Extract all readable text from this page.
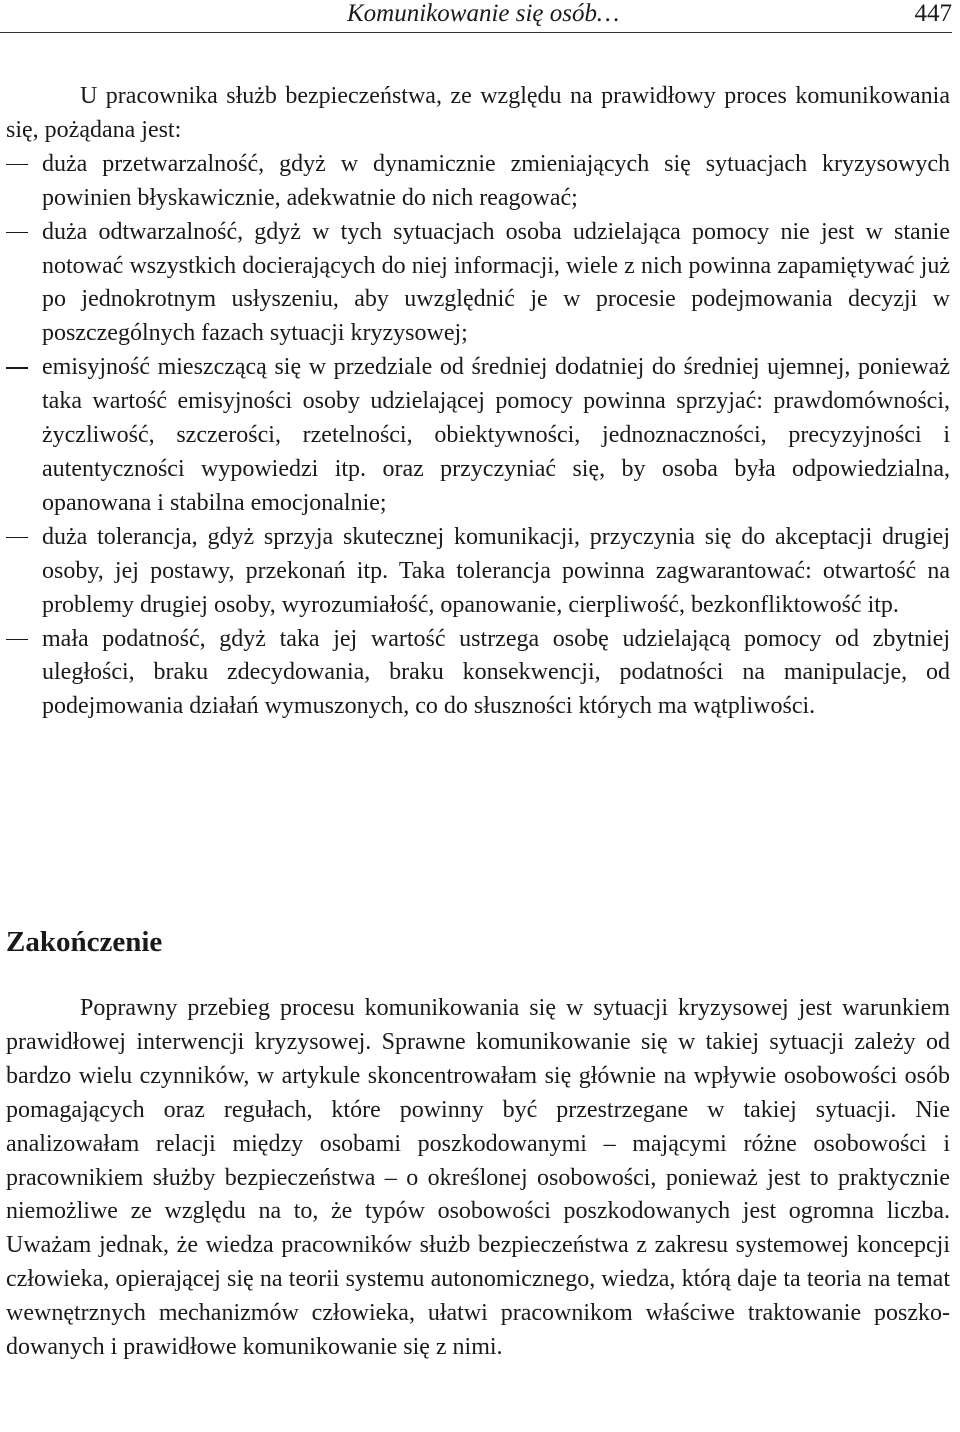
Komunikowanie się osób…	447

U pracownika służb bezpieczeństwa, ze względu na prawidłowy proces komunikowania się, pożądana jest:

duża przetwarzalność, gdyż w dynamicznie zmieniających się sytuacjach kryzysowych powinien błyskawicznie, adekwatnie do nich reagować;
duża odtwarzalność, gdyż w tych sytuacjach osoba udzielająca pomocy nie jest w stanie notować wszystkich docierających do niej informacji, wiele z nich powinna zapamiętywać już po jednokrotnym usłyszeniu, aby uwzględnić je w procesie podejmowania decyzji w poszczególnych fazach sytuacji kryzysowej;
emisyjność mieszczącą się w przedziale od średniej dodatniej do średniej ujemnej, ponieważ taka wartość emisyjności osoby udzielającej pomocy powinna sprzyjać: prawdomówności, życzliwość, szczerości, rzetelności, obiektywności, jednoznaczności, precyzyjności i autentyczności wypowiedzi itp. oraz przyczyniać się, by osoba była odpowiedzialna, opanowana i stabilna emocjonalnie;
duża tolerancja, gdyż sprzyja skutecznej komunikacji, przyczynia się do akceptacji drugiej osoby, jej postawy, przekonań itp. Taka tolerancja powinna zagwarantować: otwartość na problemy drugiej osoby, wyrozumiałość, opanowanie, cierpliwość, bezkonfliktowość itp.
mała podatność, gdyż taka jej wartość ustrzega osobę udzielającą pomocy od zbytniej uległości, braku zdecydowania, braku konsekwencji, podatności na manipulacje, od podejmowania działań wymuszonych, co do słuszności których ma wątpliwości.
Zakończenie

Poprawny przebieg procesu komunikowania się w sytuacji kryzysowej jest warunkiem prawidłowej interwencji kryzysowej. Sprawne komunikowanie się w takiej sytuacji zależy od bardzo wielu czynników, w artykule skoncentrowałam się głównie na wpływie osobowości osób pomagających oraz regułach, które powinny być przestrzegane w takiej sytuacji. Nie analizowałam relacji między osobami poszkodowanymi – mającymi różne osobowości i pracownikiem służby bezpieczeństwa – o określonej osobowości, ponieważ jest to praktycznie niemożliwe ze względu na to, że typów osobowości poszkodowanych jest ogromna liczba. Uważam jednak, że wiedza pracowników służb bezpieczeństwa z zakresu systemowej koncepcji człowieka, opierającej się na teorii systemu autonomicznego, wiedza, którą daje ta teoria na temat wewnętrznych mechanizmów człowieka, ułatwi pracownikom właściwe traktowanie poszkodowanych i prawidłowe komunikowanie się z nimi.
